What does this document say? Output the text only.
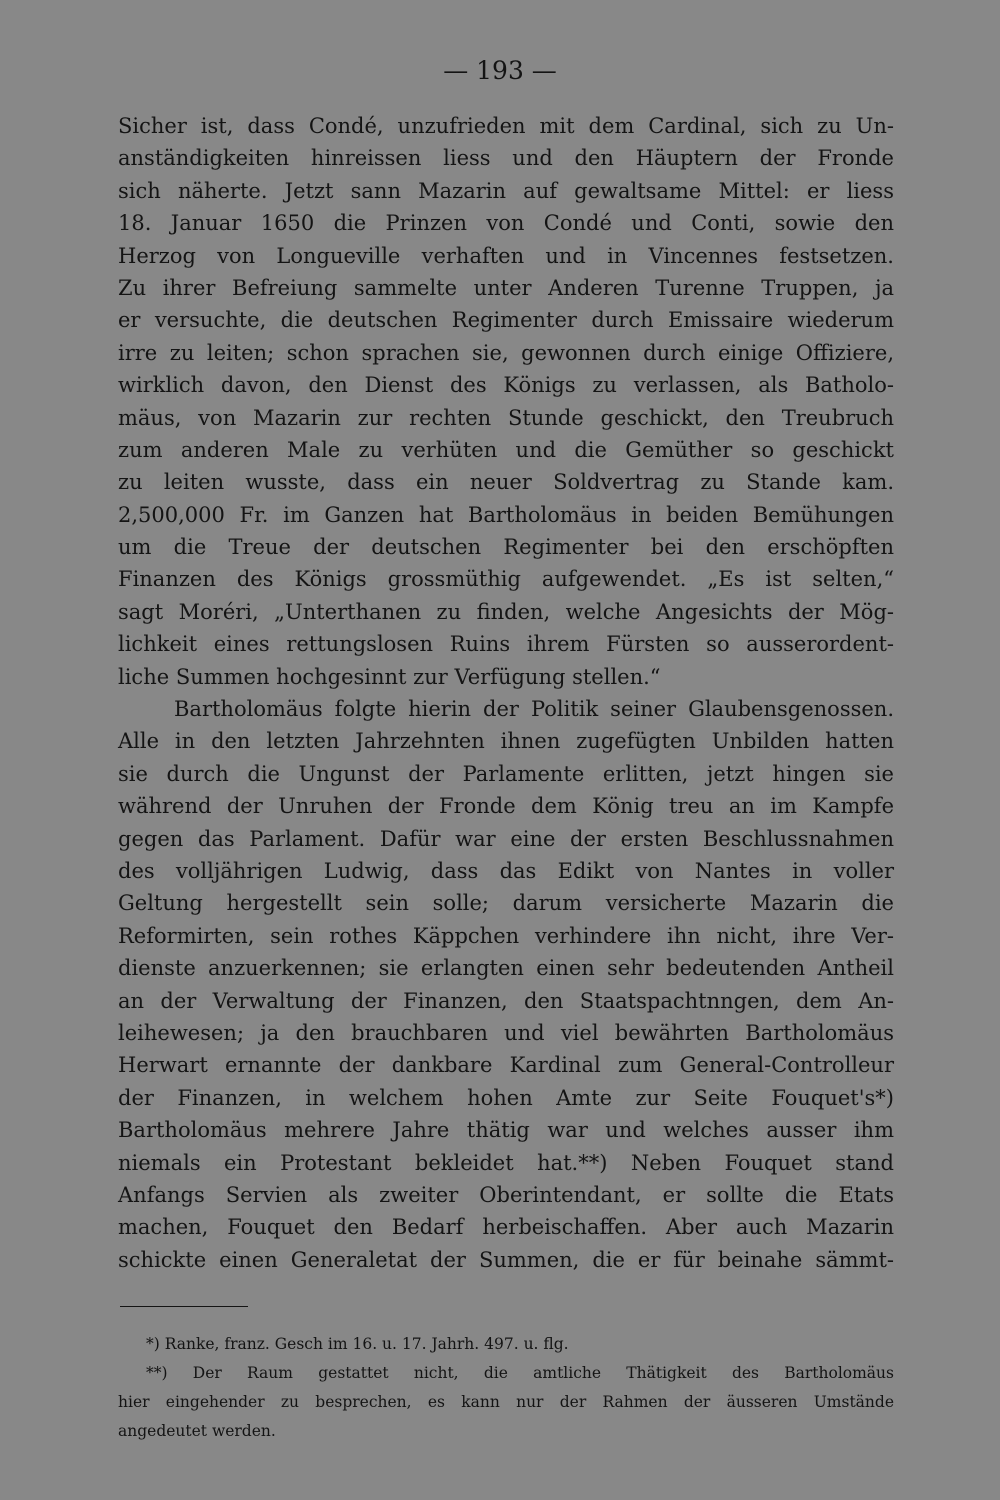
— 193 —
Sicher ist, dass Condé, unzufrieden mit dem Cardinal, sich zu Un-
anständigkeiten hinreissen liess und den Häuptern der Fronde
sich näherte. Jetzt sann Mazarin auf gewaltsame Mittel: er liess
18. Januar 1650 die Prinzen von Condé und Conti, sowie den
Herzog von Longueville verhaften und in Vincennes festsetzen.
Zu ihrer Befreiung sammelte unter Anderen Turenne Truppen, ja
er versuchte, die deutschen Regimenter durch Emissaire wiederum
irre zu leiten; schon sprachen sie, gewonnen durch einige Offiziere,
wirklich davon, den Dienst des Königs zu verlassen, als Batholo-
mäus, von Mazarin zur rechten Stunde geschickt, den Treubruch
zum anderen Male zu verhüten und die Gemüther so geschickt
zu leiten wusste, dass ein neuer Soldvertrag zu Stande kam.
2,500,000 Fr. im Ganzen hat Bartholomäus in beiden Bemühungen
um die Treue der deutschen Regimenter bei den erschöpften
Finanzen des Königs grossmüthig aufgewendet. „Es ist selten,“
sagt Moréri, „Unterthanen zu finden, welche Angesichts der Mög-
lichkeit eines rettungslosen Ruins ihrem Fürsten so ausserordent-
liche Summen hochgesinnt zur Verfügung stellen.“
Bartholomäus folgte hierin der Politik seiner Glaubensgenossen.
Alle in den letzten Jahrzehnten ihnen zugefügten Unbilden hatten
sie durch die Ungunst der Parlamente erlitten, jetzt hingen sie
während der Unruhen der Fronde dem König treu an im Kampfe
gegen das Parlament. Dafür war eine der ersten Beschlussnahmen
des volljährigen Ludwig, dass das Edikt von Nantes in voller
Geltung hergestellt sein solle; darum versicherte Mazarin die
Reformirten, sein rothes Käppchen verhindere ihn nicht, ihre Ver-
dienste anzuerkennen; sie erlangten einen sehr bedeutenden Antheil
an der Verwaltung der Finanzen, den Staatspachtnngen, dem An-
leihewesen; ja den brauchbaren und viel bewährten Bartholomäus
Herwart ernannte der dankbare Kardinal zum General-Controlleur
der Finanzen, in welchem hohen Amte zur Seite Fouquet's*)
Bartholomäus mehrere Jahre thätig war und welches ausser ihm
niemals ein Protestant bekleidet hat.**) Neben Fouquet stand
Anfangs Servien als zweiter Oberintendant, er sollte die Etats
machen, Fouquet den Bedarf herbeischaffen. Aber auch Mazarin
schickte einen Generaletat der Summen, die er für beinahe sämmt-
*) Ranke, franz. Gesch im 16. u. 17. Jahrh. 497. u. flg.
**) Der Raum gestattet nicht, die amtliche Thätigkeit des Bartholomäus
hier eingehender zu besprechen, es kann nur der Rahmen der äusseren Umstände
angedeutet werden.
